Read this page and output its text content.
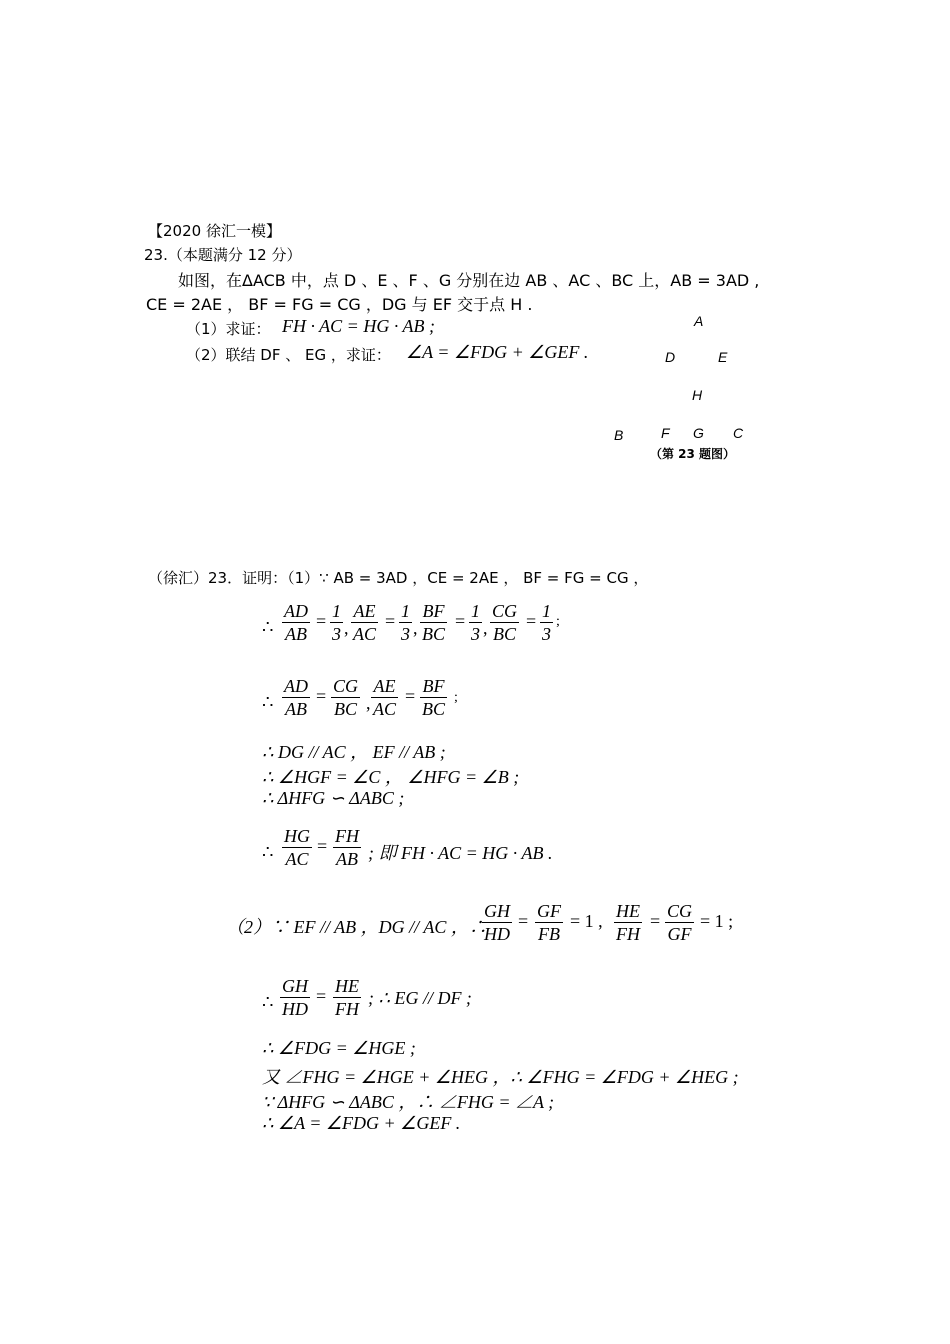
【2020 徐汇一模】
23.（本题满分 12 分）
如图，在ΔACB 中，点 D 、E 、F 、G 分别在边 AB 、AC 、BC 上，AB = 3AD ,
CE = 2AE ， BF = FG = CG ，DG 与 EF 交于点 H .
（1）求证： FH · AC = HG · AB ;
（2）联结 DF 、 EG ，求证： ∠A = ∠FDG + ∠GEF .
A
D	E
H
B	F G C
（第 23 题图）
（徐汇）23．证明：（1）∵ AB = 3AD ，CE = 2AE ， BF = FG = CG ，
∴ $\frac{AD}{AB} = \frac{1}{3}$ , $\frac{AE}{AC} = \frac{1}{3}$ , $\frac{BF}{BC} = \frac{1}{3}$ , $\frac{CG}{BC} = \frac{1}{3}$ ;
∴ $\frac{AD}{AB} = \frac{CG}{BC}$ , $\frac{AE}{AC} = \frac{BF}{BC}$ ;
∴ DG // AC ， EF // AB ;
∴ ∠HGF = ∠C ， ∠HFG = ∠B ;
∴ ΔHFG ∽ ΔABC ;
∴ $\frac{HG}{AC} = \frac{FH}{AB}$ ; 即 FH · AC = HG · AB .
（2）∵ EF // AB ，DG // AC ，∴
$\frac{GH}{HD} = \frac{GF}{FB} = 1$ , $\frac{HE}{FH} = \frac{CG}{GF} = 1$ ;
∴ $\frac{GH}{HD} = \frac{HE}{FH}$ ; ∴ EG // DF ;
∴ ∠FDG = ∠HGE ;
又 ∠FHG = ∠HGE + ∠HEG ，∴ ∠FHG = ∠FDG + ∠HEG ;
∵ ΔHFG ∽ ΔABC ，∴ ∠FHG = ∠A ;
∴ ∠A = ∠FDG + ∠GEF .
